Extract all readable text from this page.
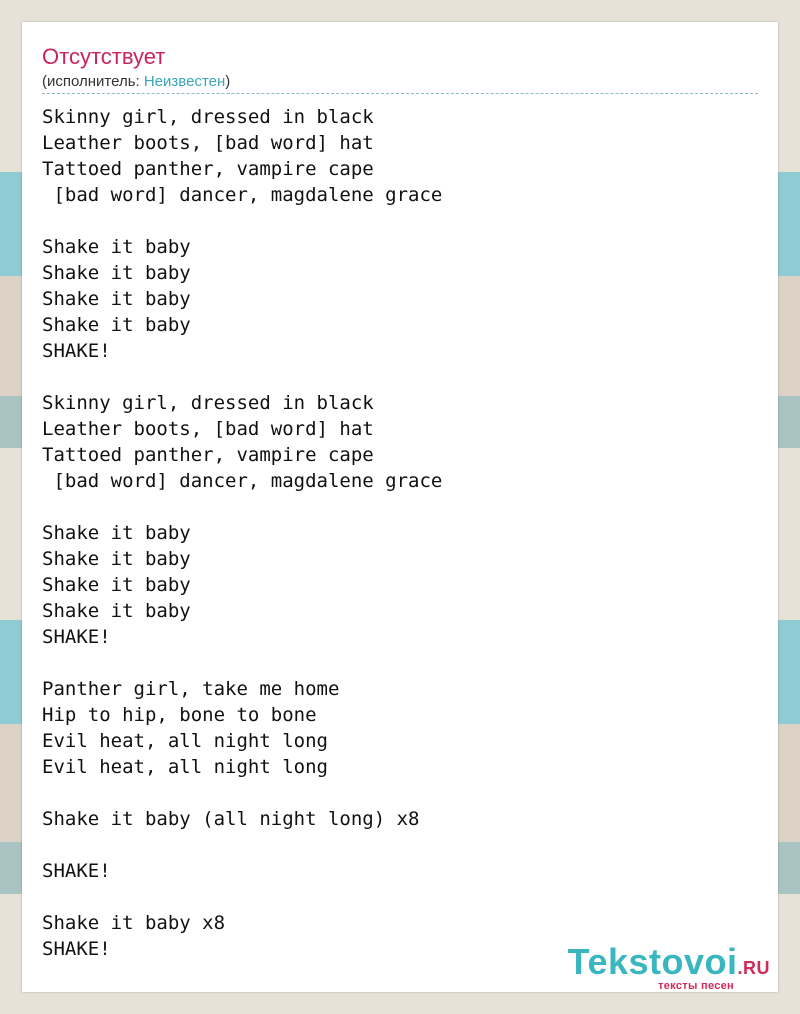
Отсутствует
(исполнитель: Неизвестен)
Skinny girl, dressed in black
Leather boots, [bad word] hat
Tattoed panther, vampire cape
[bad word] dancer, magdalene grace

Shake it baby
Shake it baby
Shake it baby
Shake it baby
SHAKE!

Skinny girl, dressed in black
Leather boots, [bad word] hat
Tattoed panther, vampire cape
[bad word] dancer, magdalene grace

Shake it baby
Shake it baby
Shake it baby
Shake it baby
SHAKE!

Panther girl, take me home
Hip to hip, bone to bone
Evil heat, all night long
Evil heat, all night long

Shake it baby (all night long) x8

SHAKE!

Shake it baby x8
SHAKE!	Tekstovoi.RU
тексты песен
